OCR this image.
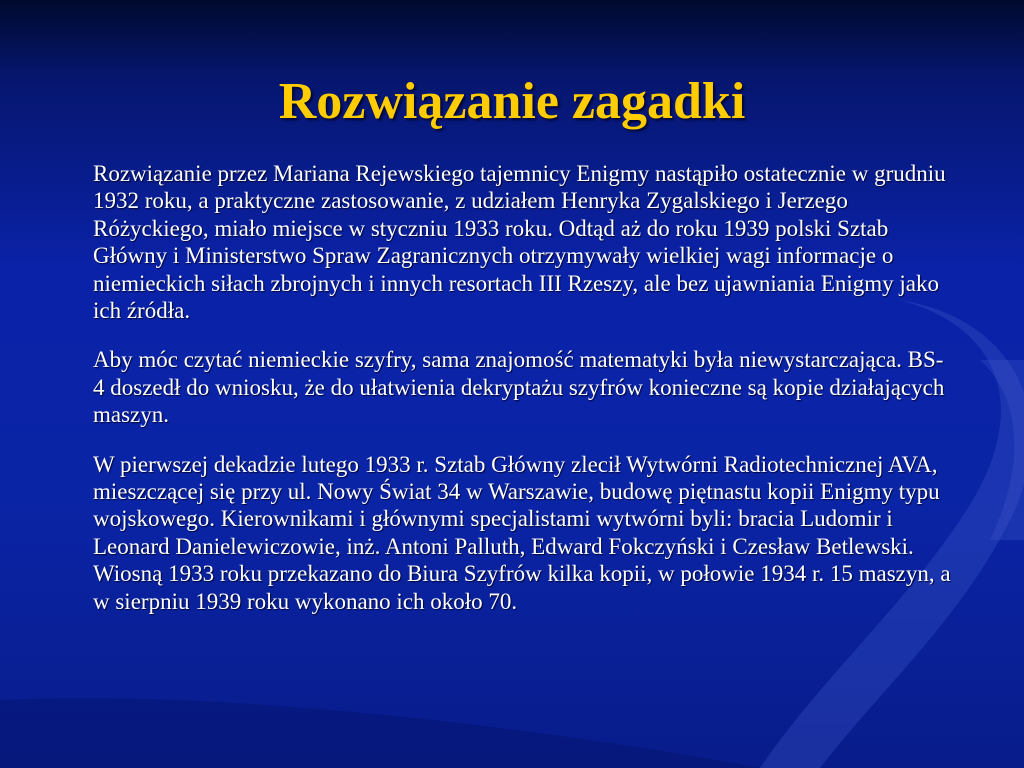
Rozwiązanie zagadki

Rozwiązanie przez Mariana Rejewskiego tajemnicy Enigmy nastąpiło ostatecznie w grudniu 1932 roku, a praktyczne zastosowanie, z udziałem Henryka Zygalskiego i Jerzego Różyckiego, miało miejsce w styczniu 1933 roku. Odtąd aż do roku 1939 polski Sztab Główny i Ministerstwo Spraw Zagranicznych otrzymywały wielkiej wagi informacje o niemieckich siłach zbrojnych i innych resortach III Rzeszy, ale bez ujawniania Enigmy jako ich źródła.

Aby móc czytać niemieckie szyfry, sama znajomość matematyki była niewystarczająca. BS-4 doszedł do wniosku, że do ułatwienia dekryptażu szyfrów konieczne są kopie działających maszyn.

W pierwszej dekadzie lutego 1933 r. Sztab Główny zlecił Wytwórni Radiotechnicznej AVA, mieszczącej się przy ul. Nowy Świat 34 w Warszawie, budowę piętnastu kopii Enigmy typu wojskowego. Kierownikami i głównymi specjalistami wytwórni byli: bracia Ludomir i Leonard Danielewiczowie, inż. Antoni Palluth, Edward Fokczyński i Czesław Betlewski. Wiosną 1933 roku przekazano do Biura Szyfrów kilka kopii, w połowie 1934 r. 15 maszyn, a w sierpniu 1939 roku wykonano ich około 70.
